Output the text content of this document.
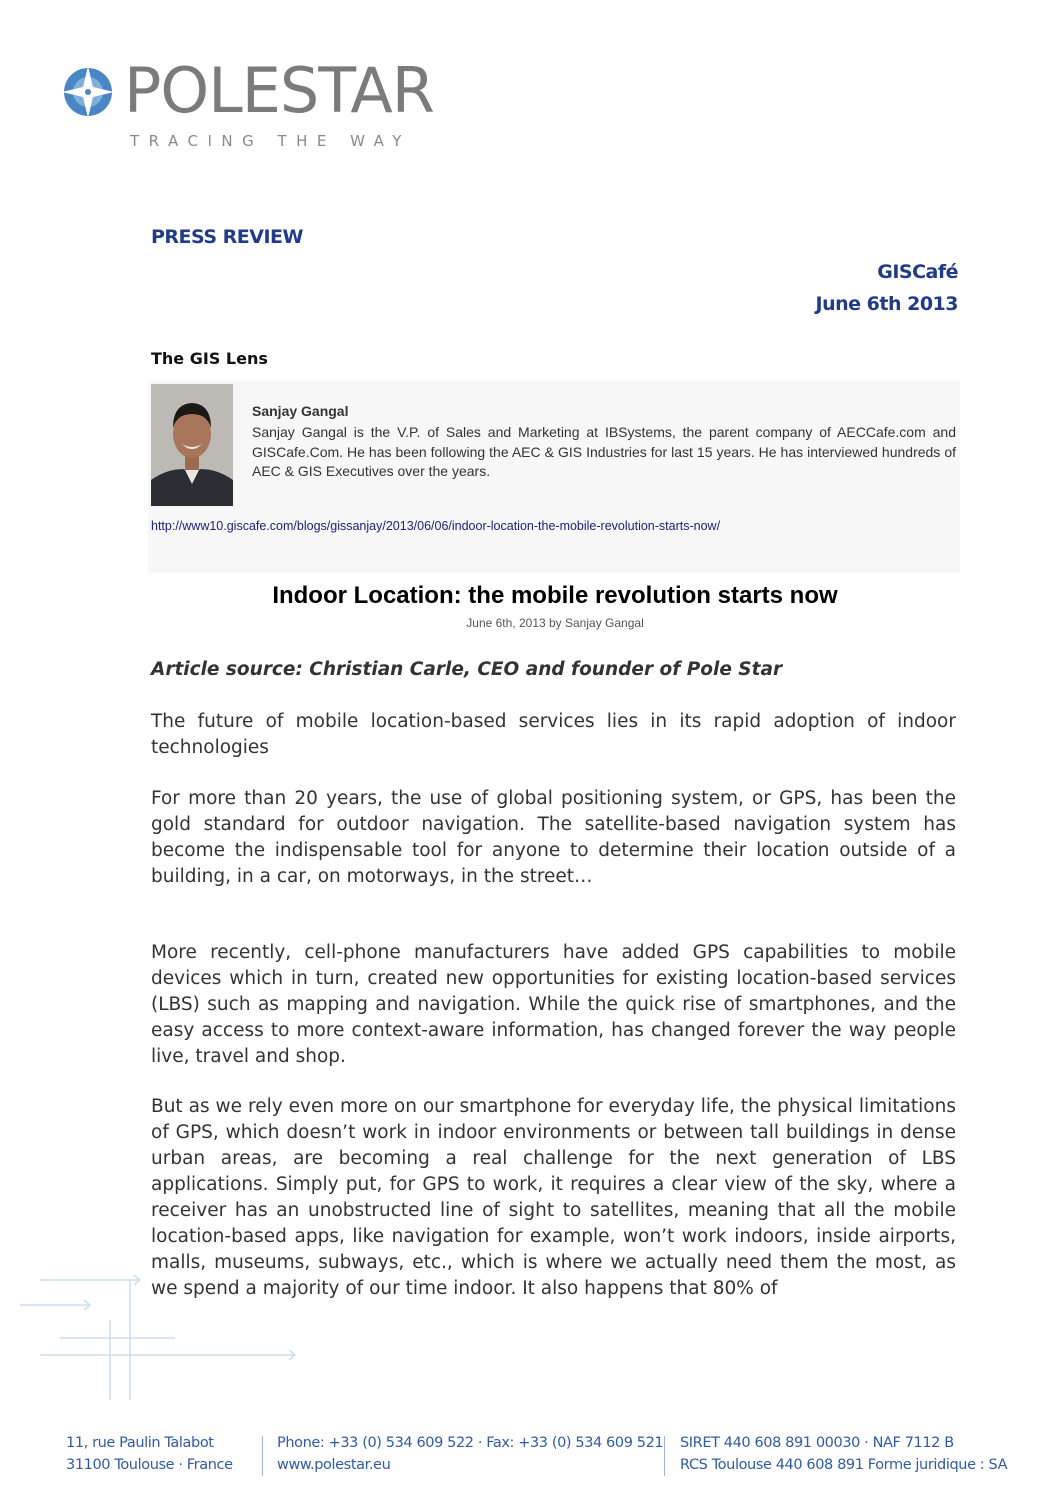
POLESTAR
TRACING THE WAY
PRESS REVIEW
GISCafé
June 6th 2013
The GIS Lens
Sanjay Gangal
Sanjay Gangal is the V.P. of Sales and Marketing at IBSystems, the parent company of AECCafe.com and GISCafe.Com. He has been following the AEC & GIS Industries for last 15 years. He has interviewed hundreds of AEC & GIS Executives over the years.
http://www10.giscafe.com/blogs/gissanjay/2013/06/06/indoor-location-the-mobile-revolution-starts-now/
Indoor Location: the mobile revolution starts now
June 6th, 2013 by Sanjay Gangal
Article source: Christian Carle, CEO and founder of Pole Star
The future of mobile location-based services lies in its rapid adoption of indoor technologies
For more than 20 years, the use of global positioning system, or GPS, has been the gold standard for outdoor navigation. The satellite-based navigation system has become the indispensable tool for anyone to determine their location outside of a building, in a car, on motorways, in the street…
More recently, cell-phone manufacturers have added GPS capabilities to mobile devices which in turn, created new opportunities for existing location-based services (LBS) such as mapping and navigation. While the quick rise of smartphones, and the easy access to more context-aware information, has changed forever the way people live, travel and shop.
But as we rely even more on our smartphone for everyday life, the physical limitations of GPS, which doesn’t work in indoor environments or between tall buildings in dense urban areas, are becoming a real challenge for the next generation of LBS applications. Simply put, for GPS to work, it requires a clear view of the sky, where a receiver has an unobstructed line of sight to satellites, meaning that all the mobile location-based apps, like navigation for example, won’t work indoors, inside airports, malls, museums, subways, etc., which is where we actually need them the most, as we spend a majority of our time indoor. It also happens that 80% of
11, rue Paulin Talabot
31100 Toulouse · France
Phone: +33 (0) 534 609 522 · Fax: +33 (0) 534 609 521
www.polestar.eu
SIRET 440 608 891 00030 · NAF 7112 B
RCS Toulouse 440 608 891 Forme juridique : SA
